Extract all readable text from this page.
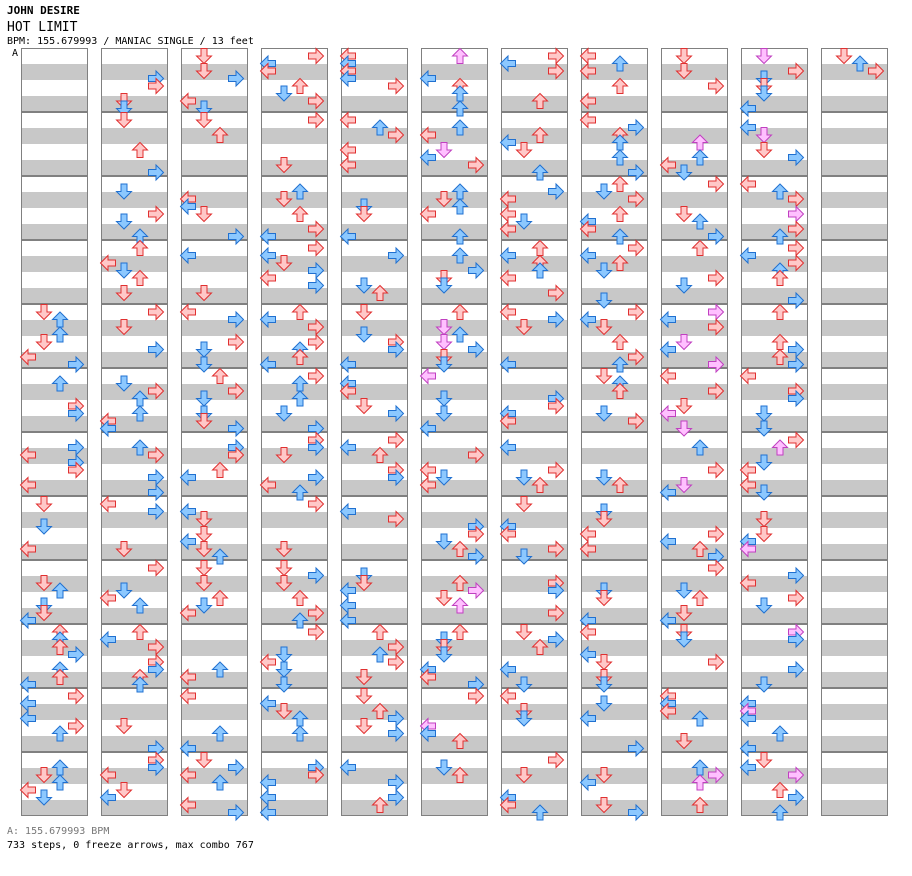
JOHN DESIRE
HOT LIMIT
BPM: 155.679993 / MANIAC SINGLE / 13 feet
A
A: 155.679993 BPM
733 steps, 0 freeze arrows, max combo 767
